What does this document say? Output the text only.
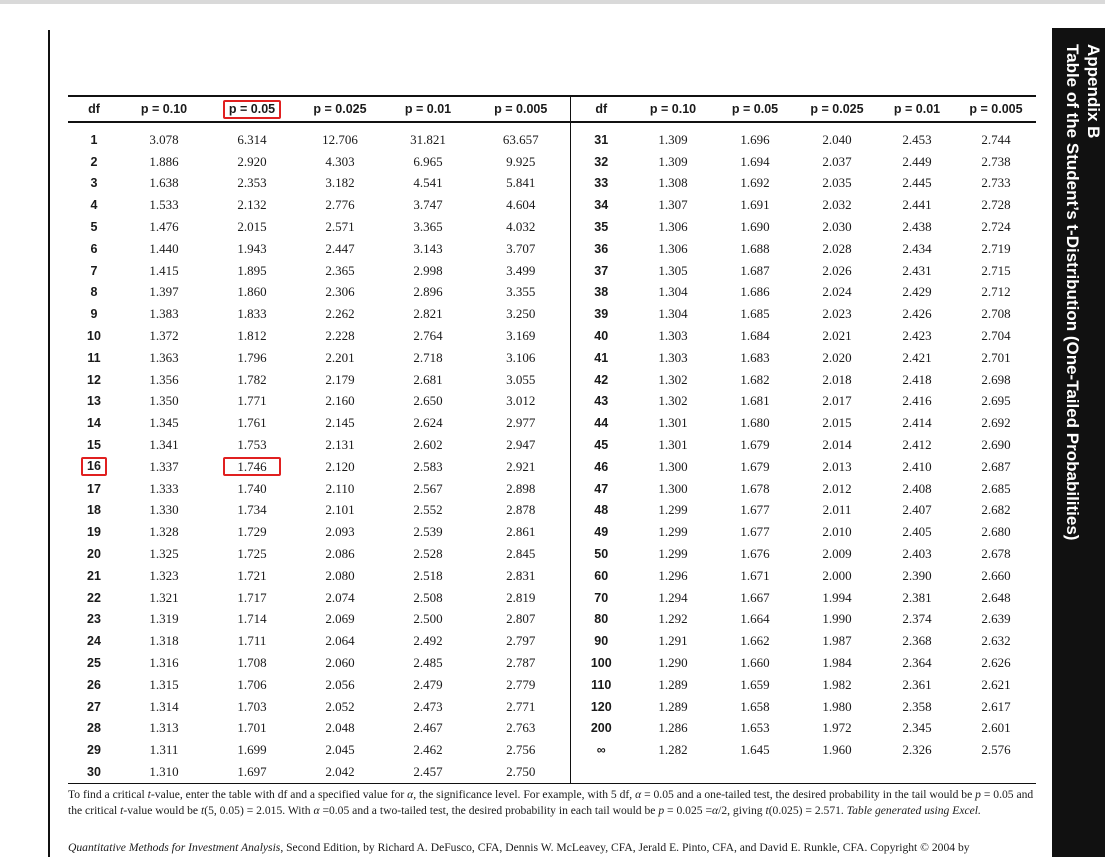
Appendix B
Table of the Student’s t-Distribution (One-Tailed Probabilities)
df	p = 0.10	p = 0.05	p = 0.025	p = 0.01	p = 0.005	df	p = 0.10	p = 0.05	p = 0.025	p = 0.01	p = 0.005

1	3.078	6.314	12.706	31.821	63.657	31	1.309	1.696	2.040	2.453	2.744
2	1.886	2.920	4.303	6.965	9.925	32	1.309	1.694	2.037	2.449	2.738
3	1.638	2.353	3.182	4.541	5.841	33	1.308	1.692	2.035	2.445	2.733
4	1.533	2.132	2.776	3.747	4.604	34	1.307	1.691	2.032	2.441	2.728
5	1.476	2.015	2.571	3.365	4.032	35	1.306	1.690	2.030	2.438	2.724
6	1.440	1.943	2.447	3.143	3.707	36	1.306	1.688	2.028	2.434	2.719
7	1.415	1.895	2.365	2.998	3.499	37	1.305	1.687	2.026	2.431	2.715
8	1.397	1.860	2.306	2.896	3.355	38	1.304	1.686	2.024	2.429	2.712
9	1.383	1.833	2.262	2.821	3.250	39	1.304	1.685	2.023	2.426	2.708
10	1.372	1.812	2.228	2.764	3.169	40	1.303	1.684	2.021	2.423	2.704
11	1.363	1.796	2.201	2.718	3.106	41	1.303	1.683	2.020	2.421	2.701
12	1.356	1.782	2.179	2.681	3.055	42	1.302	1.682	2.018	2.418	2.698
13	1.350	1.771	2.160	2.650	3.012	43	1.302	1.681	2.017	2.416	2.695
14	1.345	1.761	2.145	2.624	2.977	44	1.301	1.680	2.015	2.414	2.692
15	1.341	1.753	2.131	2.602	2.947	45	1.301	1.679	2.014	2.412	2.690
16	1.337	1.746	2.120	2.583	2.921	46	1.300	1.679	2.013	2.410	2.687
17	1.333	1.740	2.110	2.567	2.898	47	1.300	1.678	2.012	2.408	2.685
18	1.330	1.734	2.101	2.552	2.878	48	1.299	1.677	2.011	2.407	2.682
19	1.328	1.729	2.093	2.539	2.861	49	1.299	1.677	2.010	2.405	2.680
20	1.325	1.725	2.086	2.528	2.845	50	1.299	1.676	2.009	2.403	2.678
21	1.323	1.721	2.080	2.518	2.831	60	1.296	1.671	2.000	2.390	2.660
22	1.321	1.717	2.074	2.508	2.819	70	1.294	1.667	1.994	2.381	2.648
23	1.319	1.714	2.069	2.500	2.807	80	1.292	1.664	1.990	2.374	2.639
24	1.318	1.711	2.064	2.492	2.797	90	1.291	1.662	1.987	2.368	2.632
25	1.316	1.708	2.060	2.485	2.787	100	1.290	1.660	1.984	2.364	2.626
26	1.315	1.706	2.056	2.479	2.779	110	1.289	1.659	1.982	2.361	2.621
27	1.314	1.703	2.052	2.473	2.771	120	1.289	1.658	1.980	2.358	2.617
28	1.313	1.701	2.048	2.467	2.763	200	1.286	1.653	1.972	2.345	2.601
29	1.311	1.699	2.045	2.462	2.756	∞	1.282	1.645	1.960	2.326	2.576
30	1.310	1.697	2.042	2.457	2.750						

To find a critical t-value, enter the table with df and a specified value for α, the significance level. For example, with 5 df, α = 0.05 and a one-tailed test, the desired probability in the tail would be p = 0.05 and the critical t-value would be t(5, 0.05) = 2.015. With α =0.05 and a two-tailed test, the desired probability in each tail would be p = 0.025 =α/2, giving t(0.025) = 2.571. Table generated using Excel.

Quantitative Methods for Investment Analysis, Second Edition, by Richard A. DeFusco, CFA, Dennis W. McLeavey, CFA, Jerald E. Pinto, CFA, and David E. Runkle, CFA. Copyright © 2004 by
